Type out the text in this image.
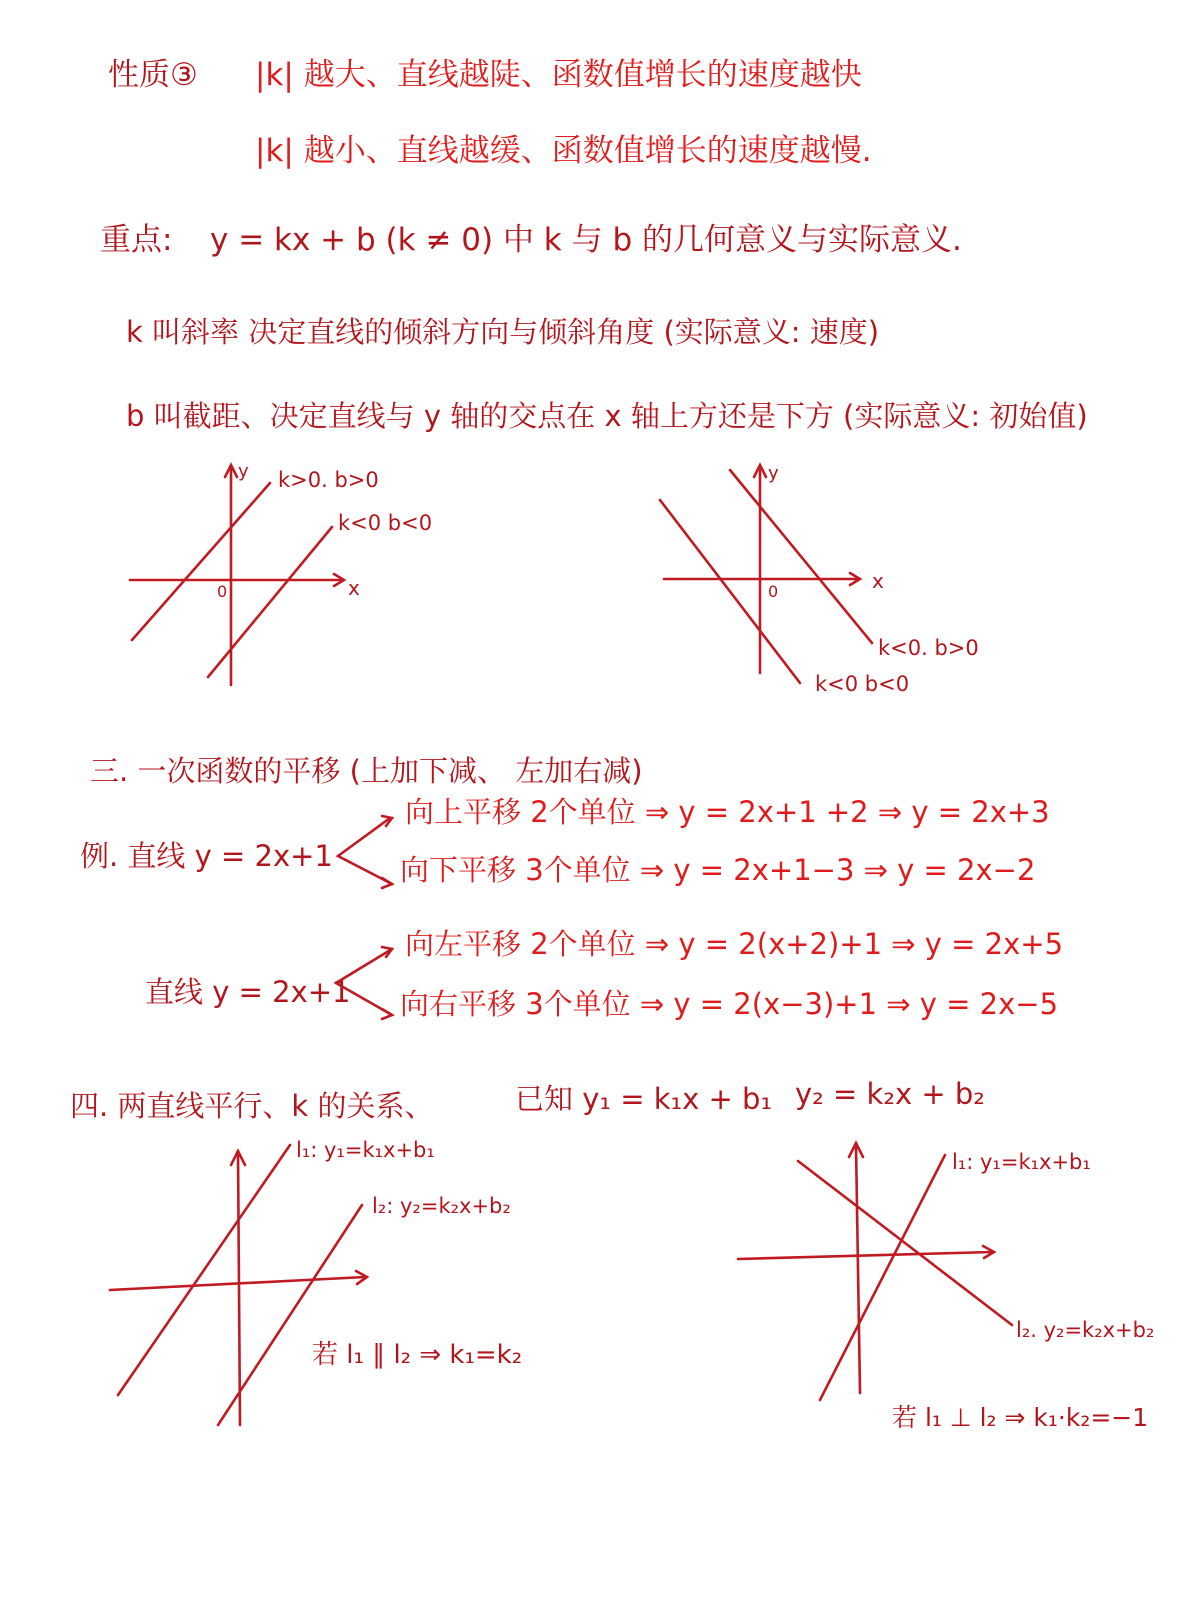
性质③ |k| 越大、直线越陡、函数值增长的速度越快
|k| 越小、直线越缓、函数值增长的速度越慢.
重点: y = kx + b (k ≠ 0) 中 k 与 b 的几何意义与实际意义.
k 叫斜率 决定直线的倾斜方向与倾斜角度 (实际意义: 速度)
b 叫截距、决定直线与 y 轴的交点在 x 轴上方还是下方 (实际意义: 初始值)
y
x
0
k>0. b>0
k<0 b<0
y
x
0
k<0. b>0
k<0 b<0
三. 一次函数的平移 (上加下减、 左加右减)
例. 直线 y = 2x+1
向上平移 2个单位 ⇒ y = 2x+1 +2 ⇒ y = 2x+3
向下平移 3个单位 ⇒ y = 2x+1−3 ⇒ y = 2x−2
直线 y = 2x+1
向左平移 2个单位 ⇒ y = 2(x+2)+1 ⇒ y = 2x+5
向右平移 3个单位 ⇒ y = 2(x−3)+1 ⇒ y = 2x−5
四. 两直线平行、k 的关系、	已知 y₁ = k₁x + b₁ y₂ = k₂x + b₂
l₁: y₁=k₁x+b₁
l₂: y₂=k₂x+b₂
若 l₁ ∥ l₂ ⇒ k₁=k₂
l₁: y₁=k₁x+b₁
l₂. y₂=k₂x+b₂
若 l₁ ⊥ l₂ ⇒ k₁·k₂=−1
